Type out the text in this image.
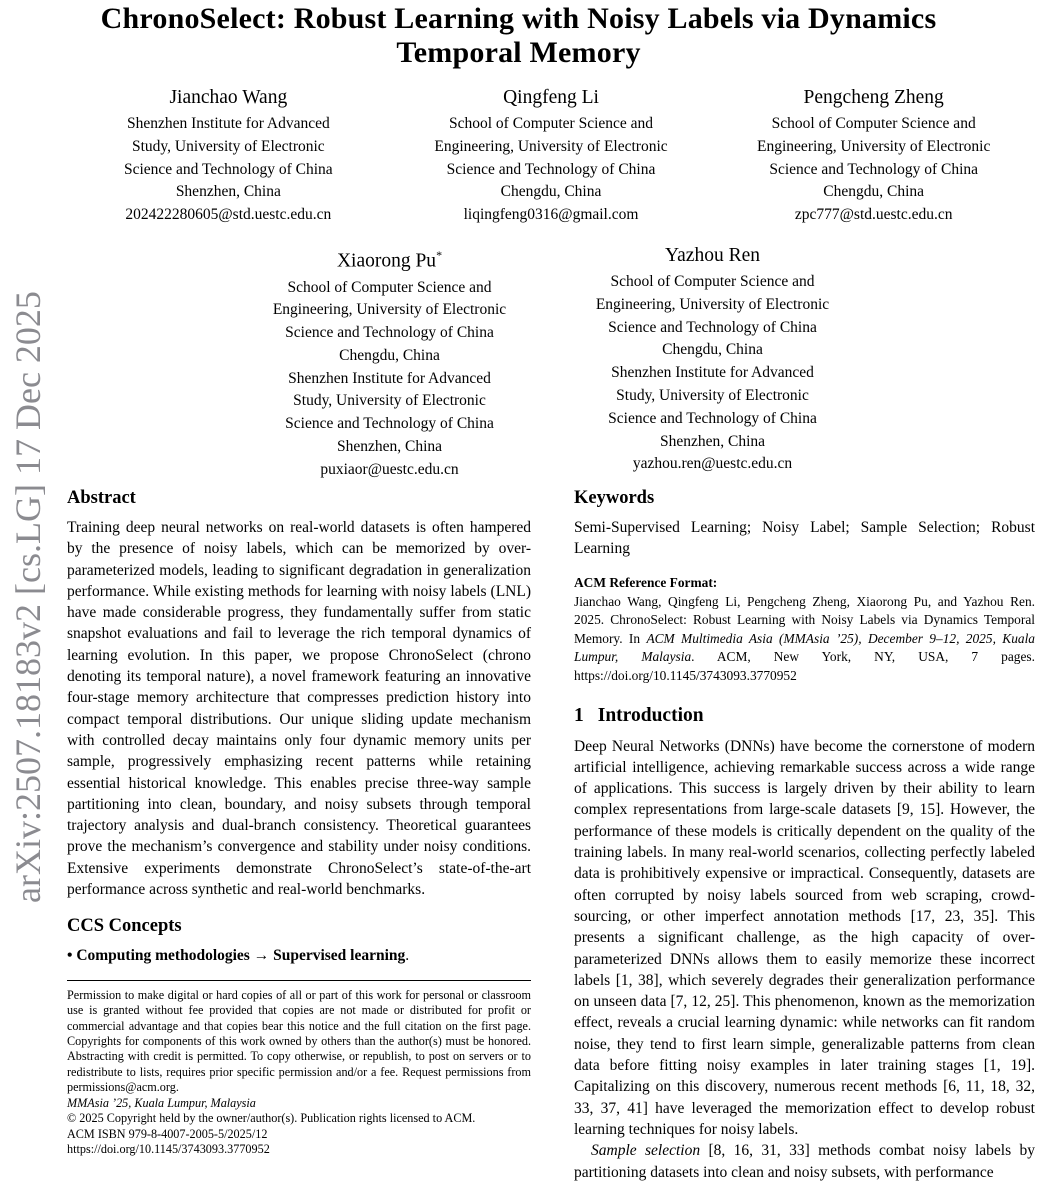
arXiv:2507.18183v2 [cs.LG] 17 Dec 2025
ChronoSelect: Robust Learning with Noisy Labels via Dynamics
Temporal Memory
Jianchao Wang
Shenzhen Institute for Advanced
Study, University of Electronic
Science and Technology of China
Shenzhen, China
202422280605@std.uestc.edu.cn
Qingfeng Li
School of Computer Science and
Engineering, University of Electronic
Science and Technology of China
Chengdu, China
liqingfeng0316@gmail.com
Pengcheng Zheng
School of Computer Science and
Engineering, University of Electronic
Science and Technology of China
Chengdu, China
zpc777@std.uestc.edu.cn
Xiaorong Pu*
School of Computer Science and
Engineering, University of Electronic
Science and Technology of China
Chengdu, China
Shenzhen Institute for Advanced
Study, University of Electronic
Science and Technology of China
Shenzhen, China
puxiaor@uestc.edu.cn
Yazhou Ren
School of Computer Science and
Engineering, University of Electronic
Science and Technology of China
Chengdu, China
Shenzhen Institute for Advanced
Study, University of Electronic
Science and Technology of China
Shenzhen, China
yazhou.ren@uestc.edu.cn
Abstract

Training deep neural networks on real-world datasets is often hampered by the presence of noisy labels, which can be memorized by over-parameterized models, leading to significant degradation in generalization performance. While existing methods for learning with noisy labels (LNL) have made considerable progress, they fundamentally suffer from static snapshot evaluations and fail to leverage the rich temporal dynamics of learning evolution. In this paper, we propose ChronoSelect (chrono denoting its temporal nature), a novel framework featuring an innovative four-stage memory architecture that compresses prediction history into compact temporal distributions. Our unique sliding update mechanism with controlled decay maintains only four dynamic memory units per sample, progressively emphasizing recent patterns while retaining essential historical knowledge. This enables precise three-way sample partitioning into clean, boundary, and noisy subsets through temporal trajectory analysis and dual-branch consistency. Theoretical guarantees prove the mechanism’s convergence and stability under noisy conditions. Extensive experiments demonstrate ChronoSelect’s state-of-the-art performance across synthetic and real-world benchmarks.

CCS Concepts

• Computing methodologies → Supervised learning.

Permission to make digital or hard copies of all or part of this work for personal or classroom use is granted without fee provided that copies are not made or distributed for profit or commercial advantage and that copies bear this notice and the full citation on the first page. Copyrights for components of this work owned by others than the author(s) must be honored. Abstracting with credit is permitted. To copy otherwise, or republish, to post on servers or to redistribute to lists, requires prior specific permission and/or a fee. Request permissions from permissions@acm.org.

MMAsia ’25, Kuala Lumpur, Malaysia

© 2025 Copyright held by the owner/author(s). Publication rights licensed to ACM.

ACM ISBN 979-8-4007-2005-5/2025/12

https://doi.org/10.1145/3743093.3770952

Keywords

Semi-Supervised Learning; Noisy Label; Sample Selection; Robust Learning

ACM Reference Format:

Jianchao Wang, Qingfeng Li, Pengcheng Zheng, Xiaorong Pu, and Yazhou Ren. 2025. ChronoSelect: Robust Learning with Noisy Labels via Dynamics Temporal Memory. In ACM Multimedia Asia (MMAsia ’25), December 9–12, 2025, Kuala Lumpur, Malaysia. ACM, New York, NY, USA, 7 pages. https://doi.org/10.1145/3743093.3770952

1 Introduction

Deep Neural Networks (DNNs) have become the cornerstone of modern artificial intelligence, achieving remarkable success across a wide range of applications. This success is largely driven by their ability to learn complex representations from large-scale datasets [9, 15]. However, the performance of these models is critically dependent on the quality of the training labels. In many real-world scenarios, collecting perfectly labeled data is prohibitively expensive or impractical. Consequently, datasets are often corrupted by noisy labels sourced from web scraping, crowd-sourcing, or other imperfect annotation methods [17, 23, 35]. This presents a significant challenge, as the high capacity of over-parameterized DNNs allows them to easily memorize these incorrect labels [1, 38], which severely degrades their generalization performance on unseen data [7, 12, 25]. This phenomenon, known as the memorization effect, reveals a crucial learning dynamic: while networks can fit random noise, they tend to first learn simple, generalizable patterns from clean data before fitting noisy examples in later training stages [1, 19]. Capitalizing on this discovery, numerous recent methods [6, 11, 18, 32, 33, 37, 41] have leveraged the memorization effect to develop robust learning techniques for noisy labels.

Sample selection [8, 16, 31, 33] methods combat noisy labels by partitioning datasets into clean and noisy subsets, with performance
